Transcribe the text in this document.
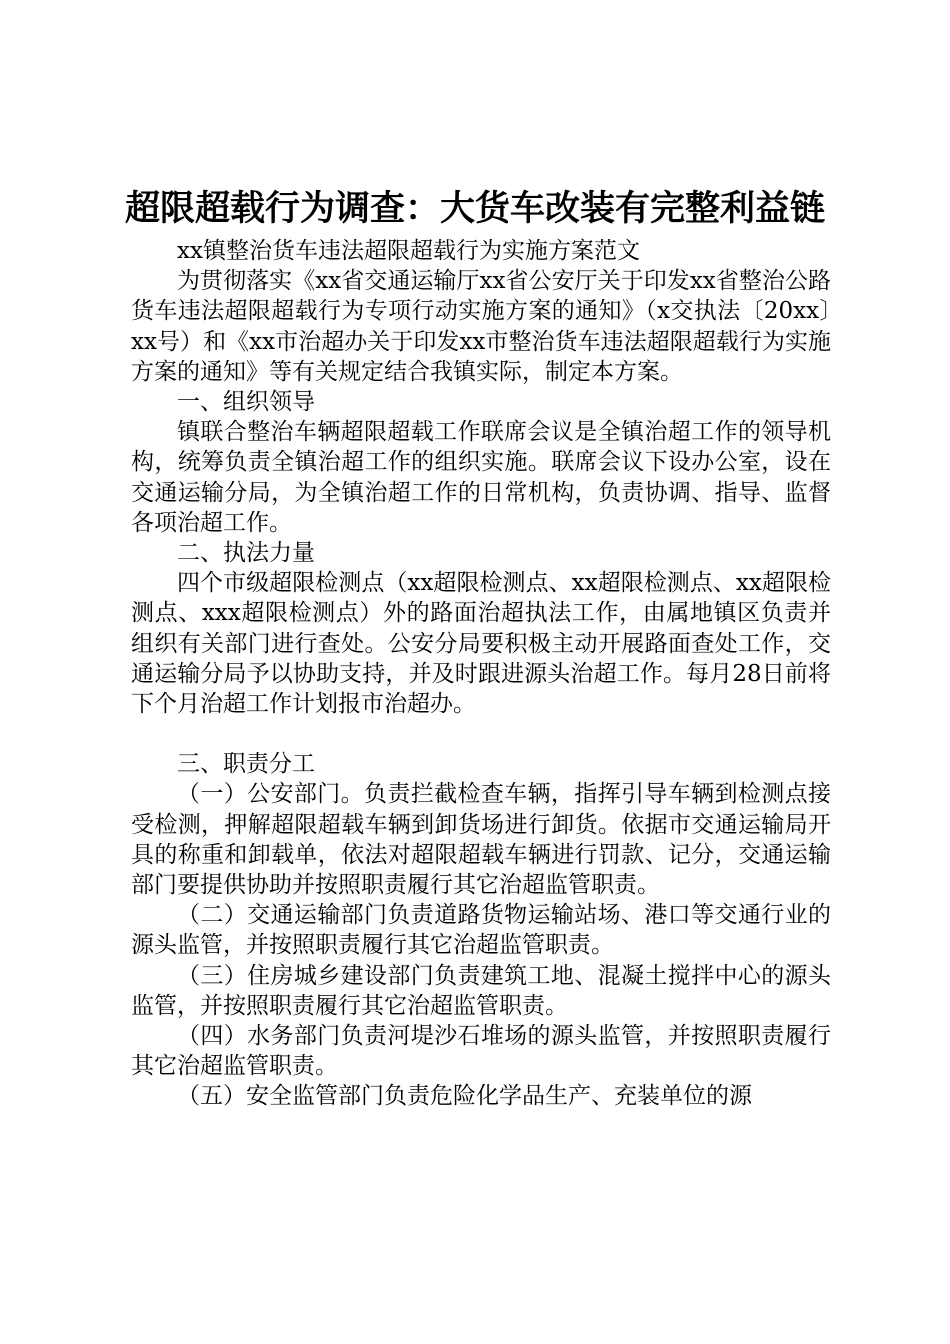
超限超载行为调查：大货车改装有完整利益链

xx镇整治货车违法超限超载行为实施方案范文

为贯彻落实《xx省交通运输厅xx省公安厅关于印发xx省整治公路货车违法超限超载行为专项行动实施方案的通知》（x交执法〔20xx〕xx号）和《xx市治超办关于印发xx市整治货车违法超限超载行为实施方案的通知》等有关规定结合我镇实际，制定本方案。

一、组织领导

镇联合整治车辆超限超载工作联席会议是全镇治超工作的领导机构，统筹负责全镇治超工作的组织实施。联席会议下设办公室，设在交通运输分局，为全镇治超工作的日常机构，负责协调、指导、监督各项治超工作。

二、执法力量

四个市级超限检测点（xx超限检测点、xx超限检测点、xx超限检测点、xxx超限检测点）外的路面治超执法工作，由属地镇区负责并组织有关部门进行查处。公安分局要积极主动开展路面查处工作，交通运输分局予以协助支持，并及时跟进源头治超工作。每月28日前将下个月治超工作计划报市治超办。

三、职责分工

（一）公安部门。负责拦截检查车辆，指挥引导车辆到检测点接受检测，押解超限超载车辆到卸货场进行卸货。依据市交通运输局开具的称重和卸载单，依法对超限超载车辆进行罚款、记分，交通运输部门要提供协助并按照职责履行其它治超监管职责。

（二）交通运输部门负责道路货物运输站场、港口等交通行业的源头监管，并按照职责履行其它治超监管职责。

（三）住房城乡建设部门负责建筑工地、混凝土搅拌中心的源头监管，并按照职责履行其它治超监管职责。

（四）水务部门负责河堤沙石堆场的源头监管，并按照职责履行其它治超监管职责。

（五）安全监管部门负责危险化学品生产、充装单位的源
